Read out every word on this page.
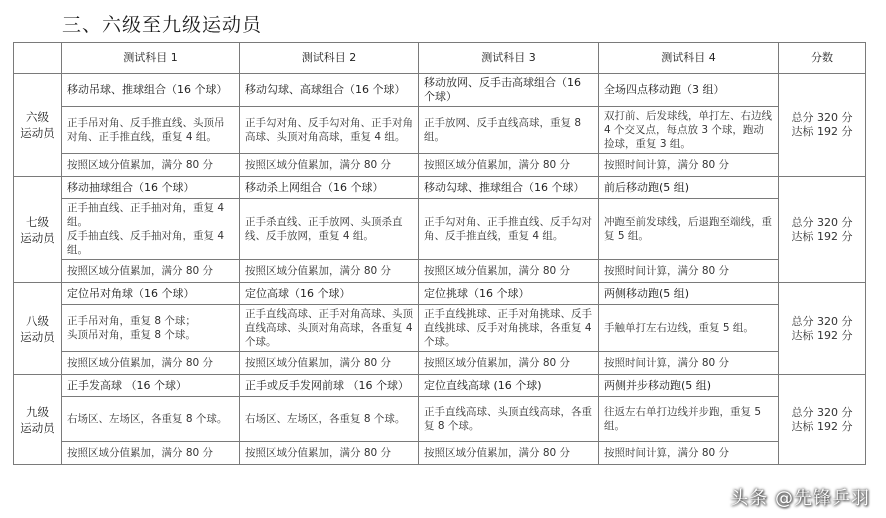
三、六级至九级运动员
	测试科目 1	测试科目 2	测试科目 3	测试科目 4	分数
六级
运动员	移动吊球、推球组合（16 个球）	移动勾球、高球组合（16 个球）	移动放网、反手击高球组合（16 个球）	全场四点移动跑（3 组）	总分 320 分
达标 192 分
	正手吊对角、反手推直线、头顶吊对角、正手推直线，重复 4 组。	正手勾对角、反手勾对角、正手对角高球、头顶对角高球，重复 4 组。	正手放网、反手直线高球，重复 8 组。	双打前、后发球线，单打左、右边线 4 个交叉点，每点放 3 个球，跑动捡球，重复 3 组。	
	按照区域分值累加，满分 80 分	按照区域分值累加，满分 80 分	按照区域分值累加，满分 80 分	按照时间计算，满分 80 分	
七级
运动员	移动抽球组合（16 个球）	移动杀上网组合（16 个球）	移动勾球、推球组合（16 个球）	前后移动跑(5 组)	总分 320 分
达标 192 分
	正手抽直线、正手抽对角，重复 4 组。
反手抽直线、反手抽对角，重复 4 组。	正手杀直线、正手放网、头顶杀直线、反手放网，重复 4 组。	正手勾对角、正手推直线、反手勾对角、反手推直线，重复 4 组。	冲跑至前发球线，后退跑至端线，重复 5 组。	
	按照区域分值累加，满分 80 分	按照区域分值累加，满分 80 分	按照区域分值累加，满分 80 分	按照时间计算，满分 80 分	
八级
运动员	定位吊对角球（16 个球）	定位高球（16 个球）	定位挑球（16 个球）	两侧移动跑(5 组)	总分 320 分
达标 192 分
	正手吊对角，重复 8 个球；
头顶吊对角，重复 8 个球。	正手直线高球、正手对角高球、头顶直线高球、头顶对角高球，各重复 4 个球。	正手直线挑球、正手对角挑球、反手直线挑球、反手对角挑球，各重复 4 个球。	手触单打左右边线，重复 5 组。	
	按照区域分值累加，满分 80 分	按照区域分值累加，满分 80 分	按照区域分值累加，满分 80 分	按照时间计算，满分 80 分	
九级
运动员	正手发高球 （16 个球）	正手或反手发网前球 （16 个球）	定位直线高球 (16 个球)	两侧并步移动跑(5 组)	总分 320 分
达标 192 分
	右场区、左场区，各重复 8 个球。	右场区、左场区，各重复 8 个球。	正手直线高球、头顶直线高球，各重复 8 个球。	往返左右单打边线并步跑，重复 5 组。	
	按照区域分值累加，满分 80 分	按照区域分值累加，满分 80 分	按照区域分值累加，满分 80 分	按照时间计算，满分 80 分	
头条 @先锋乒羽
